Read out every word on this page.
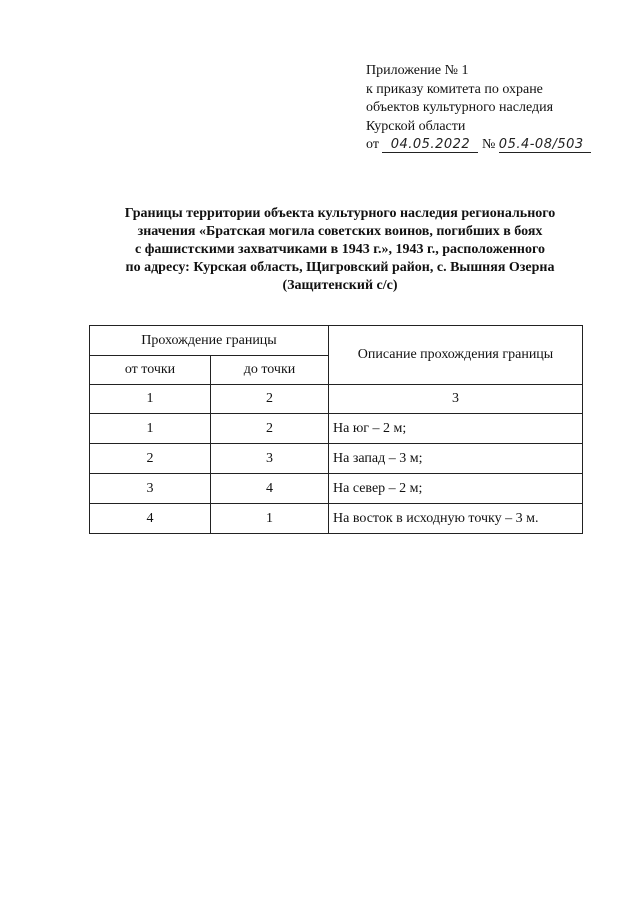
Приложение № 1
к приказу комитета по охране
объектов культурного наследия
Курской области
от 04.05.2022 № 05.4-08/503
Границы территории объекта культурного наследия регионального
значения «Братская могила советских воинов, погибших в боях
с фашистскими захватчиками в 1943 г.», 1943 г., расположенного
по адресу: Курская область, Щигровский район, с. Вышняя Озерна
(Защитенский с/с)
Прохождение границы		Описание прохождения границы
от точки	до точки	
1	2	3
1	2	На юг – 2 м;
2	3	На запад – 3 м;
3	4	На север – 2 м;
4	1	На восток в исходную точку – 3 м.
